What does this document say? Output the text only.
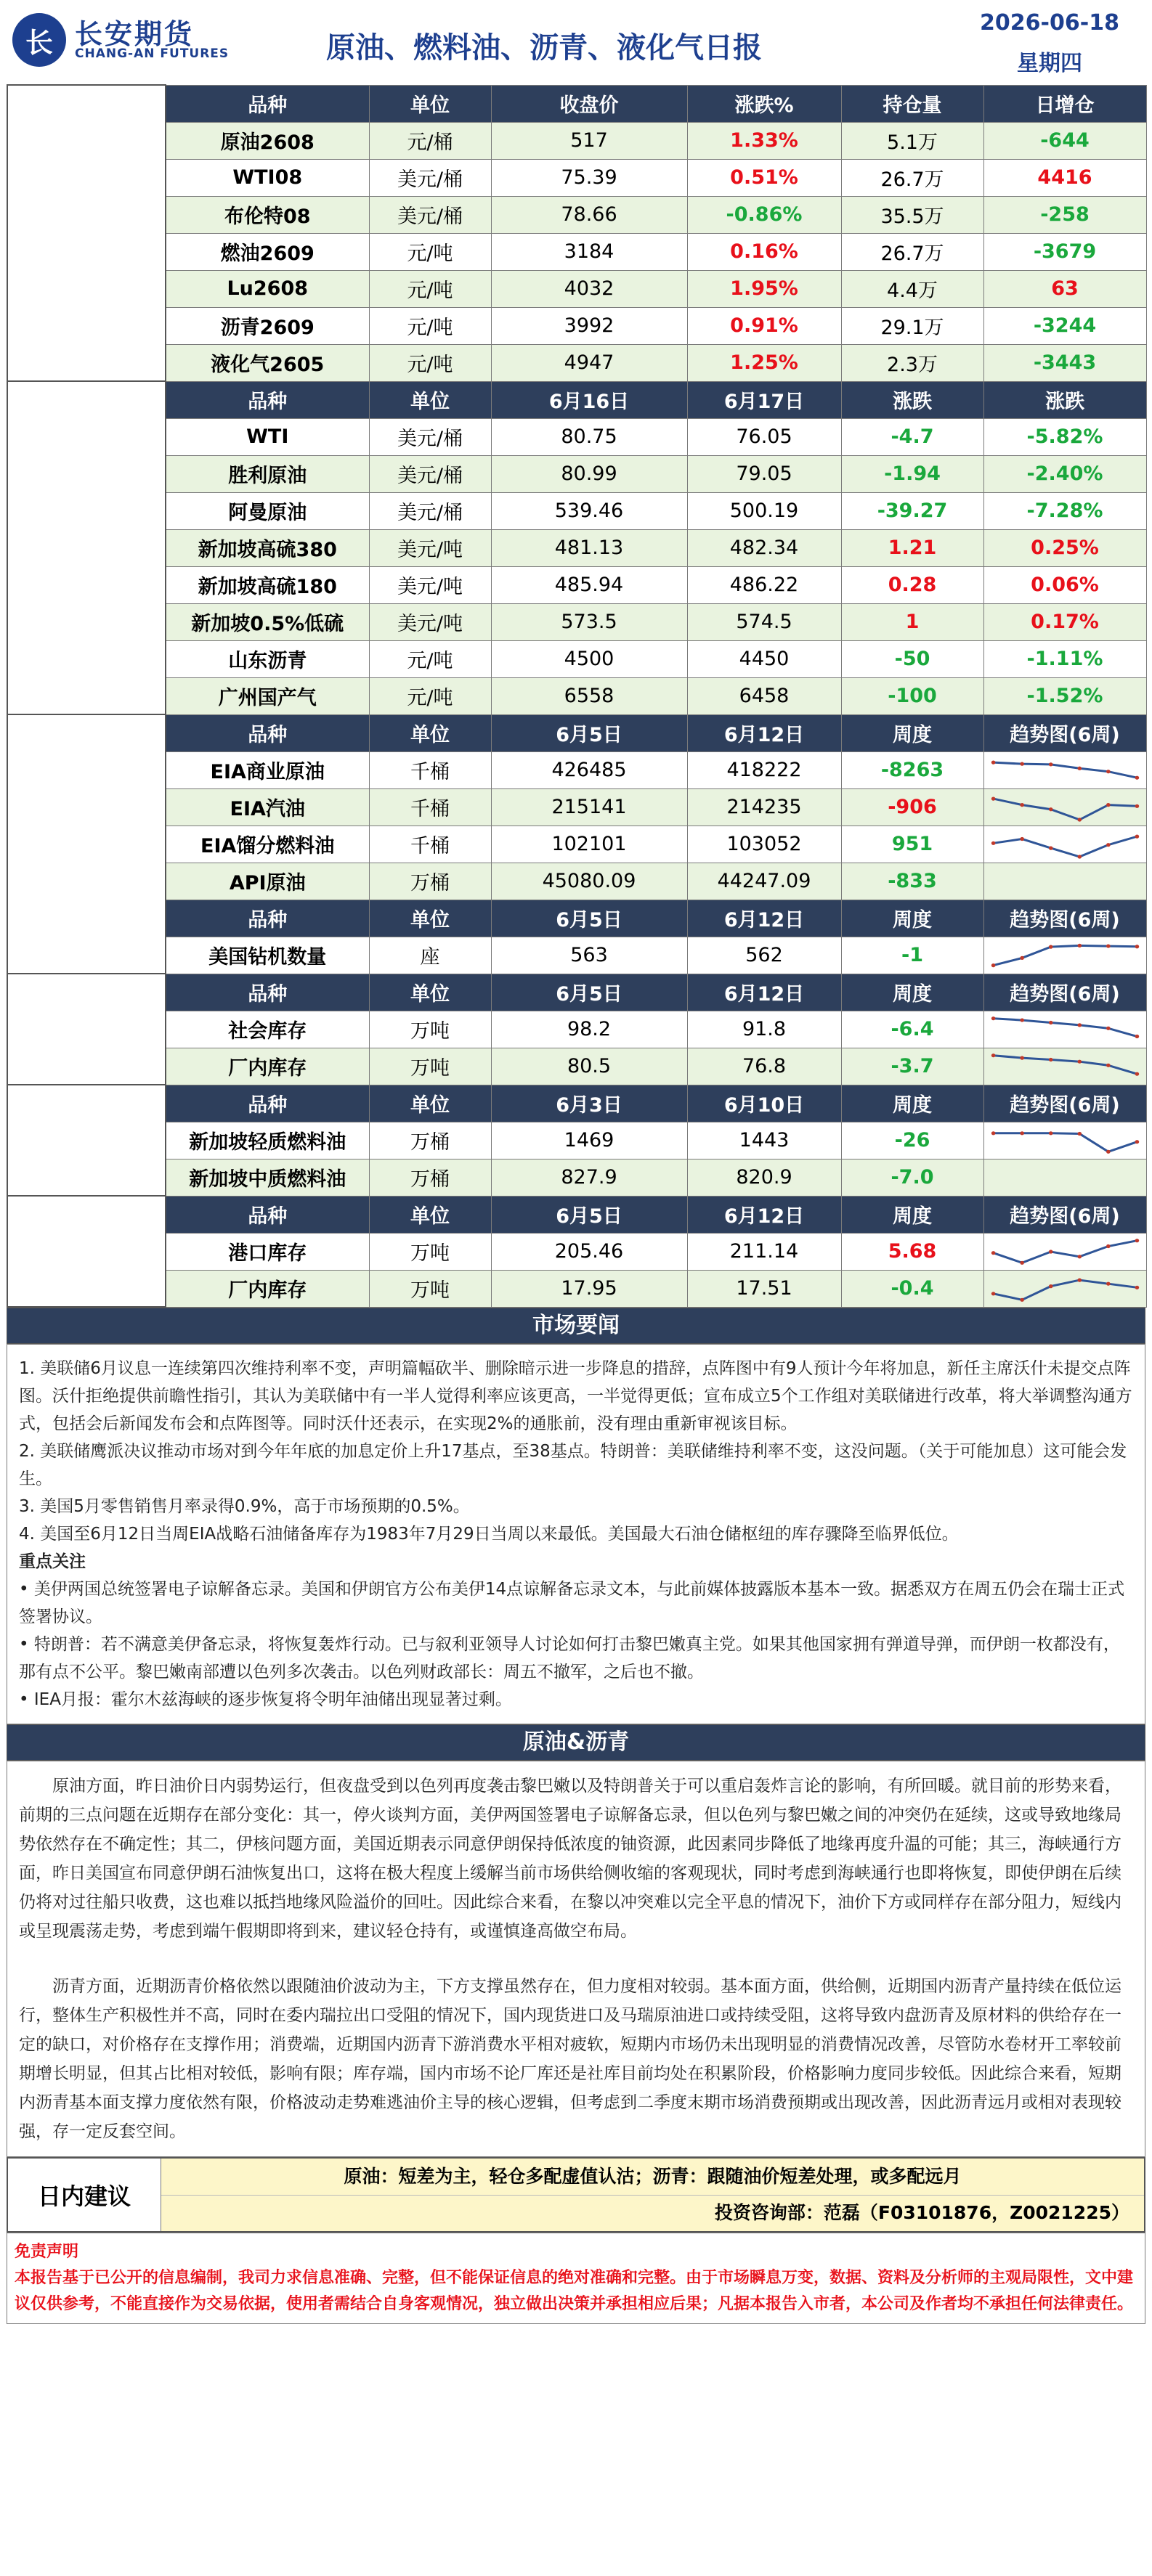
长 长安期货
CHANG-AN FUTURES	原油、燃料油、沥青、液化气日报
2026-06-18
星期四
期货每日信息	品种	单位	收盘价	涨跌%	持仓量	日增仓
	原油2608	元/桶	517	1.33%	5.1万	-644
	WTI08	美元/桶	75.39	0.51%	26.7万	4416
	布伦特08	美元/桶	78.66	-0.86%	35.5万	-258
	燃油2609	元/吨	3184	0.16%	26.7万	-3679
	Lu2608	元/吨	4032	1.95%	4.4万	63
	沥青2609	元/吨	3992	0.91%	29.1万	-3244
	液化气2605	元/吨	4947	1.25%	2.3万	-3443
现货价格	品种	单位	6月16日	6月17日	涨跌	涨跌
	WTI	美元/桶	80.75	76.05	-4.7	-5.82%
	胜利原油	美元/桶	80.99	79.05	-1.94	-2.40%
	阿曼原油	美元/桶	539.46	500.19	-39.27	-7.28%
	新加坡高硫380	美元/吨	481.13	482.34	1.21	0.25%
	新加坡高硫180	美元/吨	485.94	486.22	0.28	0.06%
	新加坡0.5%低硫	美元/吨	573.5	574.5	1	0.17%
	山东沥青	元/吨	4500	4450	-50	-1.11%
	广州国产气	元/吨	6558	6458	-100	-1.52%
原油库存	品种	单位	6月5日	6月12日	周度	趋势图(6周)
	EIA商业原油	千桶	426485	418222	-8263	

	EIA汽油	千桶	215141	214235	-906	

	EIA馏分燃料油	千桶	102101	103052	951	

	API原油	万桶	45080.09	44247.09	-833	
	品种	单位	6月5日	6月12日	周度	趋势图(6周)
	美国钻机数量	座	563	562	-1	

沥青库存	品种	单位	6月5日	6月12日	周度	趋势图(6周)
	社会库存	万吨	98.2	91.8	-6.4	

	厂内库存	万吨	80.5	76.8	-3.7	

燃料油库存	品种	单位	6月3日	6月10日	周度	趋势图(6周)
	新加坡轻质燃料油	万桶	1469	1443	-26	

	新加坡中质燃料油	万桶	827.9	820.9	-7.0	
液化气库存	品种	单位	6月5日	6月12日	周度	趋势图(6周)
	港口库存	万吨	205.46	211.14	5.68	

	厂内库存	万吨	17.95	17.51	-0.4	
市场要闻

1. 美联储6月议息一连续第四次维持利率不变，声明篇幅砍半、删除暗示进一步降息的措辞，点阵图中有9人预计今年将加息，新任主席沃什未提交点阵图。沃什拒绝提供前瞻性指引，其认为美联储中有一半人觉得利率应该更高，一半觉得更低；宣布成立5个工作组对美联储进行改革，将大举调整沟通方式，包括会后新闻发布会和点阵图等。同时沃什还表示，在实现2%的通胀前，没有理由重新审视该目标。

2. 美联储鹰派决议推动市场对到今年年底的加息定价上升17基点，至38基点。特朗普：美联储维持利率不变，这没问题。（关于可能加息）这可能会发生。

3. 美国5月零售销售月率录得0.9%，高于市场预期的0.5%。

4. 美国至6月12日当周EIA战略石油储备库存为1983年7月29日当周以来最低。美国最大石油仓储枢纽的库存骤降至临界低位。

重点关注

• 美伊两国总统签署电子谅解备忘录。美国和伊朗官方公布美伊14点谅解备忘录文本，与此前媒体披露版本基本一致。据悉双方在周五仍会在瑞士正式签署协议。

• 特朗普：若不满意美伊备忘录，将恢复轰炸行动。已与叙利亚领导人讨论如何打击黎巴嫩真主党。如果其他国家拥有弹道导弹，而伊朗一枚都没有，那有点不公平。黎巴嫩南部遭以色列多次袭击。以色列财政部长：周五不撤军，之后也不撤。

• IEA月报：霍尔木兹海峡的逐步恢复将令明年油储出现显著过剩。

原油&沥青

原油方面，昨日油价日内弱势运行，但夜盘受到以色列再度袭击黎巴嫩以及特朗普关于可以重启轰炸言论的影响，有所回暖。就目前的形势来看，前期的三点问题在近期存在部分变化：其一，停火谈判方面，美伊两国签署电子谅解备忘录，但以色列与黎巴嫩之间的冲突仍在延续，这或导致地缘局势依然存在不确定性；其二，伊核问题方面，美国近期表示同意伊朗保持低浓度的铀资源，此因素同步降低了地缘再度升温的可能；其三，海峡通行方面，昨日美国宣布同意伊朗石油恢复出口，这将在极大程度上缓解当前市场供给侧收缩的客观现状，同时考虑到海峡通行也即将恢复，即使伊朗在后续仍将对过往船只收费，这也难以抵挡地缘风险溢价的回吐。因此综合来看，在黎以冲突难以完全平息的情况下，油价下方或同样存在部分阻力，短线内或呈现震荡走势，考虑到端午假期即将到来，建议轻仓持有，或谨慎逢高做空布局。

沥青方面，近期沥青价格依然以跟随油价波动为主，下方支撑虽然存在，但力度相对较弱。基本面方面，供给侧，近期国内沥青产量持续在低位运行，整体生产积极性并不高，同时在委内瑞拉出口受阻的情况下，国内现货进口及马瑞原油进口或持续受阻，这将导致内盘沥青及原材料的供给存在一定的缺口，对价格存在支撑作用；消费端，近期国内沥青下游消费水平相对疲软，短期内市场仍未出现明显的消费情况改善，尽管防水卷材开工率较前期增长明显，但其占比相对较低，影响有限；库存端，国内市场不论厂库还是社库目前均处在积累阶段，价格影响力度同步较低。因此综合来看，短期内沥青基本面支撑力度依然有限，价格波动走势难逃油价主导的核心逻辑，但考虑到二季度末期市场消费预期或出现改善，因此沥青远月或相对表现较强，存一定反套空间。

日内建议
原油：短差为主，轻仓多配虚值认沽；沥青：跟随油价短差处理，或多配远月
投资咨询部：范磊（F03101876，Z0021225）
免责声明
本报告基于已公开的信息编制，我司力求信息准确、完整，但不能保证信息的绝对准确和完整。由于市场瞬息万变，数据、资料及分析师的主观局限性，文中建议仅供参考，不能直接作为交易依据，使用者需结合自身客观情况，独立做出决策并承担相应后果；凡据本报告入市者，本公司及作者均不承担任何法律责任。
